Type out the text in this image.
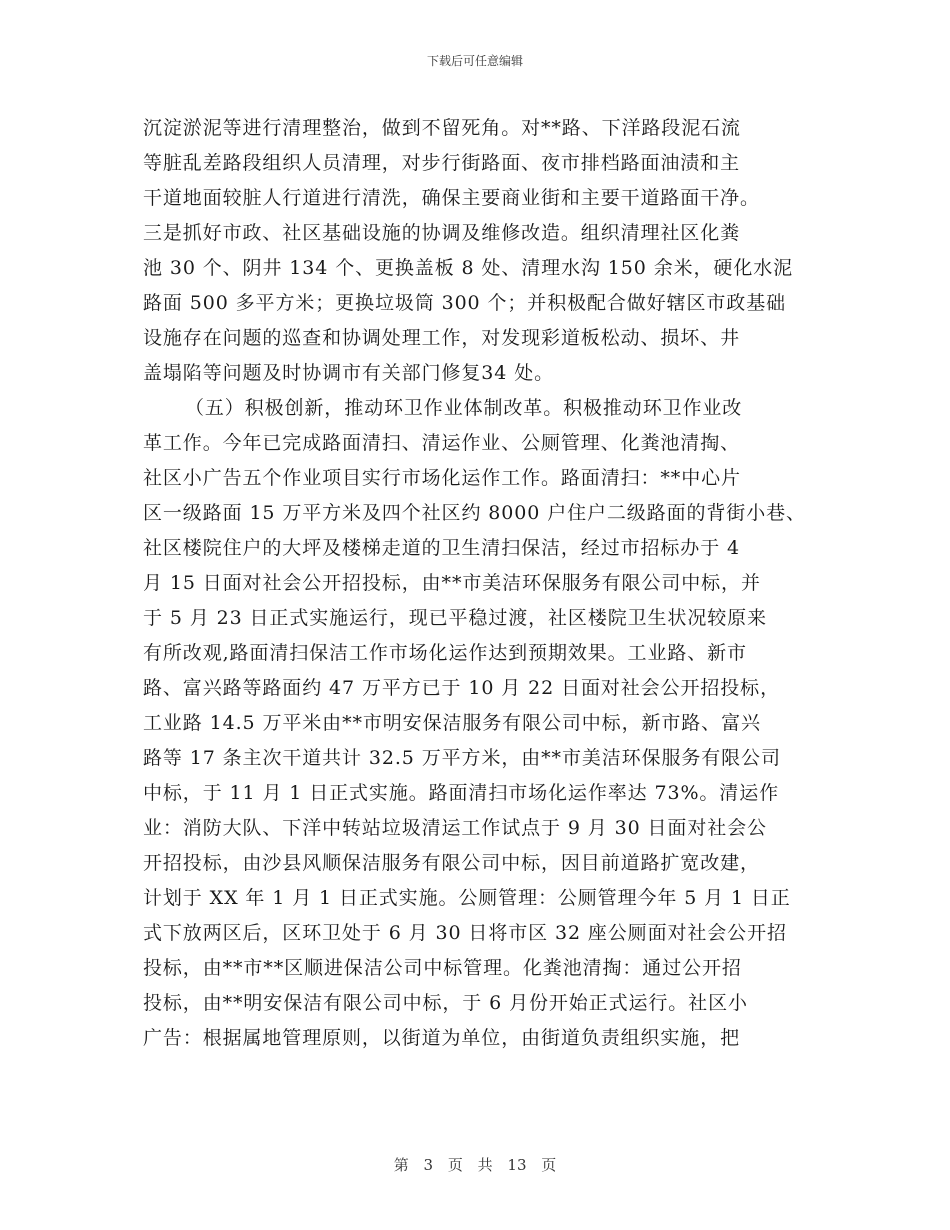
下载后可任意编辑
沉淀淤泥等进行清理整治，做到不留死角。对**路、下洋路段泥石流
等脏乱差路段组织人员清理，对步行街路面、夜市排档路面油渍和主
干道地面较脏人行道进行清洗，确保主要商业街和主要干道路面干净。
三是抓好市政、社区基础设施的协调及维修改造。组织清理社区化粪
池 30 个、阴井 134 个、更换盖板 8 处、清理水沟 150 余米，硬化水泥
路面 500 多平方米；更换垃圾筒 300 个；并积极配合做好辖区市政基础
设施存在问题的巡查和协调处理工作，对发现彩道板松动、损坏、井
盖塌陷等问题及时协调市有关部门修复34 处。
（五）积极创新，推动环卫作业体制改革。积极推动环卫作业改
革工作。今年已完成路面清扫、清运作业、公厕管理、化粪池清掏、
社区小广告五个作业项目实行市场化运作工作。路面清扫：**中心片
区一级路面 15 万平方米及四个社区约 8000 户住户二级路面的背街小巷、
社区楼院住户的大坪及楼梯走道的卫生清扫保洁，经过市招标办于 4
月 15 日面对社会公开招投标，由**市美洁环保服务有限公司中标，并
于 5 月 23 日正式实施运行，现已平稳过渡，社区楼院卫生状况较原来
有所改观,路面清扫保洁工作市场化运作达到预期效果。工业路、新市
路、富兴路等路面约 47 万平方已于 10 月 22 日面对社会公开招投标，
工业路 14.5 万平米由**市明安保洁服务有限公司中标，新市路、富兴
路等 17 条主次干道共计 32.5 万平方米，由**市美洁环保服务有限公司
中标，于 11 月 1 日正式实施。路面清扫市场化运作率达 73%。清运作
业：消防大队、下洋中转站垃圾清运工作试点于 9 月 30 日面对社会公
开招投标，由沙县风顺保洁服务有限公司中标，因目前道路扩宽改建，
计划于 XX 年 1 月 1 日正式实施。公厕管理：公厕管理今年 5 月 1 日正
式下放两区后，区环卫处于 6 月 30 日将市区 32 座公厕面对社会公开招
投标，由**市**区顺进保洁公司中标管理。化粪池清掏：通过公开招
投标，由**明安保洁有限公司中标，于 6 月份开始正式运行。社区小
广告：根据属地管理原则，以街道为单位，由街道负责组织实施，把
第 3 页 共 13 页
